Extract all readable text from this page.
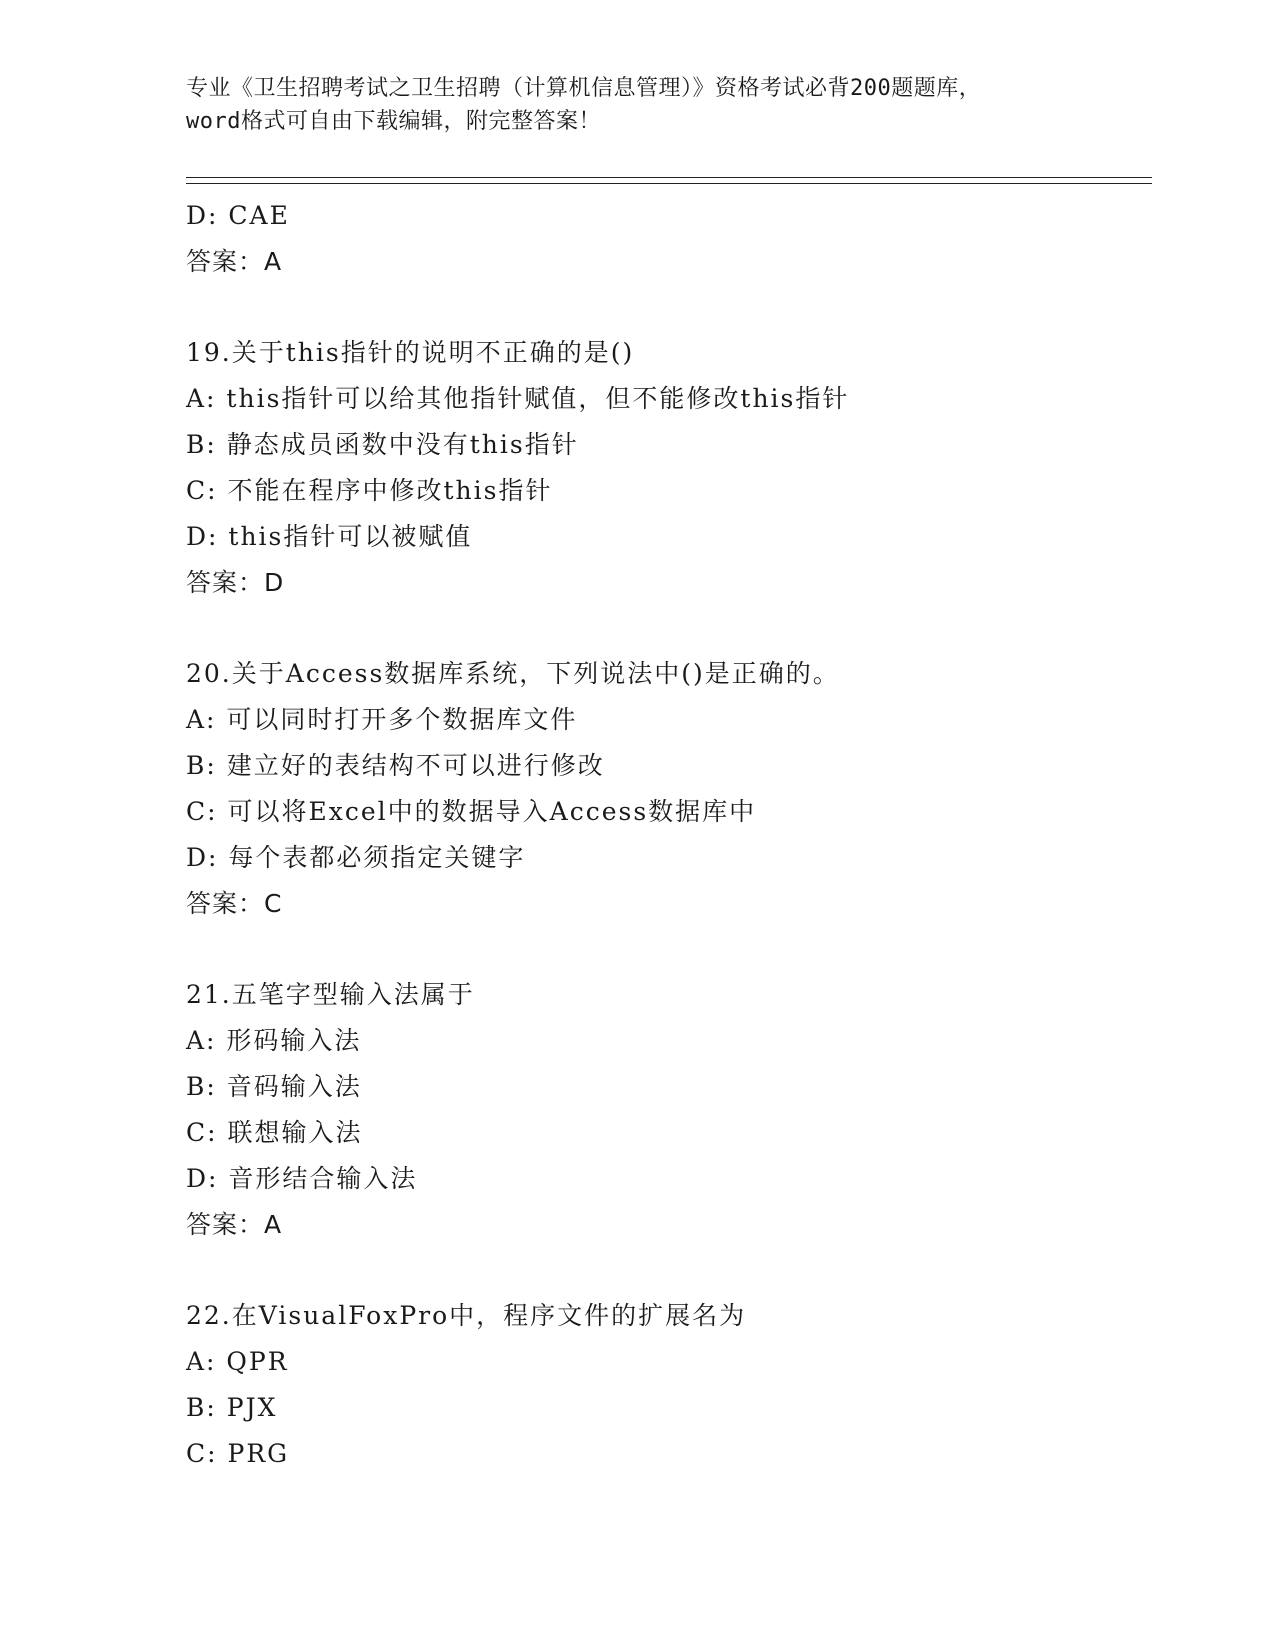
专业《卫生招聘考试之卫生招聘（计算机信息管理）》资格考试必背200题题库，
word格式可自由下载编辑，附完整答案！
D: CAE
答案：A
19.关于this指针的说明不正确的是()
A: this指针可以给其他指针赋值，但不能修改this指针
B: 静态成员函数中没有this指针
C: 不能在程序中修改this指针
D: this指针可以被赋值
答案：D
20.关于Access数据库系统，下列说法中()是正确的。
A: 可以同时打开多个数据库文件
B: 建立好的表结构不可以进行修改
C: 可以将Excel中的数据导入Access数据库中
D: 每个表都必须指定关键字
答案：C
21.五笔字型输入法属于
A: 形码输入法
B: 音码输入法
C: 联想输入法
D: 音形结合输入法
答案：A
22.在VisualFoxPro中，程序文件的扩展名为
A: QPR
B: PJX
C: PRG
